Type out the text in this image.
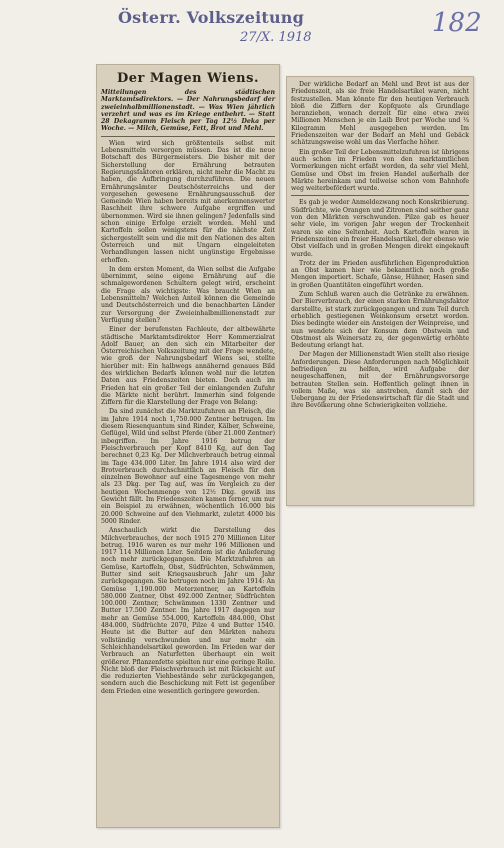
Österr. Volkszeitung
27/X. 1918	182
Der Magen Wiens.
Mitteilungen des städtischen Marktamtsdirektors. — Der Nahrungsbedarf der zweieinhalbmillionenstadt. — Was Wien jährlich verzehrt und was es im Kriege entbehrt. — Statt 28 Dekagramm Fleisch per Tag 12½ Deka per Woche. — Milch, Gemüse, Fett, Brot und Mehl.

Wien wird sich größtenteils selbst mit Lebensmitteln versorgen müssen. Das ist die neue Botschaft des Bürgermeisters. Die bisher mit der Sicherstellung der Ernährung betrauten Regierungsfaktoren erklären, nicht mehr die Macht zu haben, die Aufbringung durchzuführen. Die neuen Ernährungsämter Deutschösterreichs und der vorgesehen gewesene Ernährungsausschuß der Gemeinde Wien haben bereits mit anerkennenswerter Raschheit ihre schwere Aufgabe ergriffen und übernommen. Wird sie ihnen gelingen? Jedenfalls sind schon einige Erfolge erzielt worden. Mehl und Kartoffeln sollen wenigstens für die nächste Zeit sichergestellt sein und die mit den Nationen des alten Österreich und mit Ungarn eingeleiteten Verhandlungen lassen nicht ungünstige Ergebnisse erhoffen.

In dem ersten Moment, da Wien selbst die Aufgabe übernimmt, seine eigene Ernährung auf die schmalgewordenen Schultern gelegt wird, erscheint die Frage als wichtigste: Was braucht Wien an Lebensmitteln? Welchen Anteil können die Gemeinde und Deutschösterreich und die benachbarten Länder zur Versorgung der Zweieinhalbmillionenstadt zur Verfügung stellen?

Einer der berufensten Fachleute, der altbewährte städtische Marktamtsdirektor Herr Kommerzialrat Adolf Bauer, an den sich ein Mitarbeiter der Österreichischen Volkszeitung mit der Frage wendete, wie groß der Nahrungsbedarf Wiens sei, stellte hierüber mit: Ein halbwegs annähernd genaues Bild des wirklichen Bedarfs können wohl nur die letzten Daten aus Friedenszeiten bieten. Doch auch im Frieden hat ein großer Teil der einlangenden Zufuhr die Märkte nicht berührt. Immerhin sind folgende Ziffern für die Klarstellung der Frage von Belang:

Da sind zunächst die Marktzufuhren an Fleisch, die im Jahre 1914 noch 1,750.000 Zentner betrugen. Im diesem Riesenquantum sind Rinder, Kälber, Schweine, Geflügel, Wild und selbst Pferde (über 21.000 Zentner) inbegriffen. Im Jahre 1916 betrug der Fleischverbrauch per Kopf 8410 Kg, auf den Tag berechnet 0,23 Kg. Der Milchverbrauch betrug einmal im Tage 434.000 Liter. Im Jahre 1914 also wird der Brotverbrauch durchschnittlich an Fleisch für den einzelnen Bewohner auf eine Tagesmenge von mehr als 23 Dkg. per Tag auf, was im Vergleich zu der heutigen Wochenmenge von 12½ Dkg. gewiß ins Gewicht fällt. Im Friedenszeiten kamen ferner, um nur ein Beispiel zu erwähnen, wöchentlich 16.000 bis 20.000 Schweine auf den Viehmarkt, zuletzt 4000 bis 5000 Rinder.

Anschaulich wirkt die Darstellung des Milchverbrauches, der noch 1915 270 Millionen Liter betrug. 1916 waren es nur mehr 196 Millionen und 1917 114 Millionen Liter. Seitdem ist die Anlieferung noch mehr zurückgegangen. Die Marktzufuhren an Gemüse, Kartoffeln, Obst, Südfrüchten, Schwämmen, Butter sind seit Kriegsausbruch Jahr um Jahr zurückgegangen. Sie betrugen noch im Jahre 1914: An Gemüse 1,190.000 Meterzentner, an Kartoffeln 580.000 Zentner, Obst 492.000 Zentner, Südfrüchten 100.000 Zentner, Schwämmen 1330 Zentner und Butter 17.500 Zentner. Im Jahre 1917 dagegen nur mehr an Gemüse 554.000, Kartoffeln 484.000, Obst 484.000, Südfrüchte 2070, Pilze 4 und Butter 1540. Heute ist die Butter auf den Märkten nahezu vollständig verschwunden und nur mehr ein Schleichhandelsartikel geworden. Im Frieden war der Verbrauch an Naturfetten überhaupt ein weit größerer. Pflanzenfette spielten nur eine geringe Rolle. Nicht bloß der Fleischverbrauch ist mit Rücksicht auf die reduzierten Viehbestände sehr zurückgegangen, sondern auch die Beschickung mit Fett ist gegenüber dem Frieden eine wesentlich geringere geworden.

Der wirkliche Bedarf an Mehl und Brot ist aus der Friedenszeit, als sie freie Handelsartikel waren, nicht festzustellen. Man könnte für den heutigen Verbrauch bloß die Ziffern der Kopfquote als Grundlage heranziehen, wonach derzeit für eine etwa zwei Millionen Menschen je ein Laib Brot per Woche und ¼ Kilogramm Mehl ausgegeben werden. Im Friedenszeiten war der Bedarf an Mehl und Gebäck schätzungsweise wohl um das Vierfache höher.

Ein großer Teil der Lebensmittelzufuhren ist übrigens auch schon im Frieden von den marktamtlichen Vormerkungen nicht erfaßt worden, da sehr viel Mehl, Gemüse und Obst im freien Handel außerhalb der Märkte hereinkam und teilweise schon vom Bahnhofe weg weiterbefördert wurde.

Es gab je weder Anmeldezwang noch Konskribierung. Südfrüchte, wie Orangen und Zitronen sind seither ganz von den Märkten verschwunden. Pilze gab es heuer sehr viele, im vorigen Jahr wegen der Trockenheit waren sie eine Seltenheit. Auch Kartoffeln waren in Friedenszeiten ein freier Handelsartikel, der ebenso wie Obst vielfach und in großen Mengen direkt eingekauft wurde.

Trotz der im Frieden ausführlichen Eigenproduktion an Obst kamen hier wie bekanntlich noch große Mengen importiert. Schafe, Gänse, Hühner, Hasen sind in großen Quantitäten eingeführt worden.

Zum Schluß waren auch die Getränke zu erwähnen. Der Bierverbrauch, der einen starken Ernährungsfaktor darstellte, ist stark zurückgegangen und zum Teil durch erheblich gestiegenen Weinkonsum ersetzt worden. Dies bedingte wieder ein Ansteigen der Weinpreise, und nun wendete sich der Konsum dem Obstwein und Obstmost als Weinersatz zu, der gegenwärtig erhöhte Bedeutung erlangt hat.

Der Magen der Millionenstadt Wien stellt also riesige Anforderungen. Diese Anforderungen nach Möglichkeit befriedigen zu helfen, wird Aufgabe der neugeschaffenen, mit der Ernährungsvorsorge betrauten Stellen sein. Hoffentlich gelingt ihnen in vollem Maße, was sie anstreben, damit sich der Uebergang zu der Friedenswirtschaft für die Stadt und ihre Bevölkerung ohne Schwierigkeiten vollziehe.
